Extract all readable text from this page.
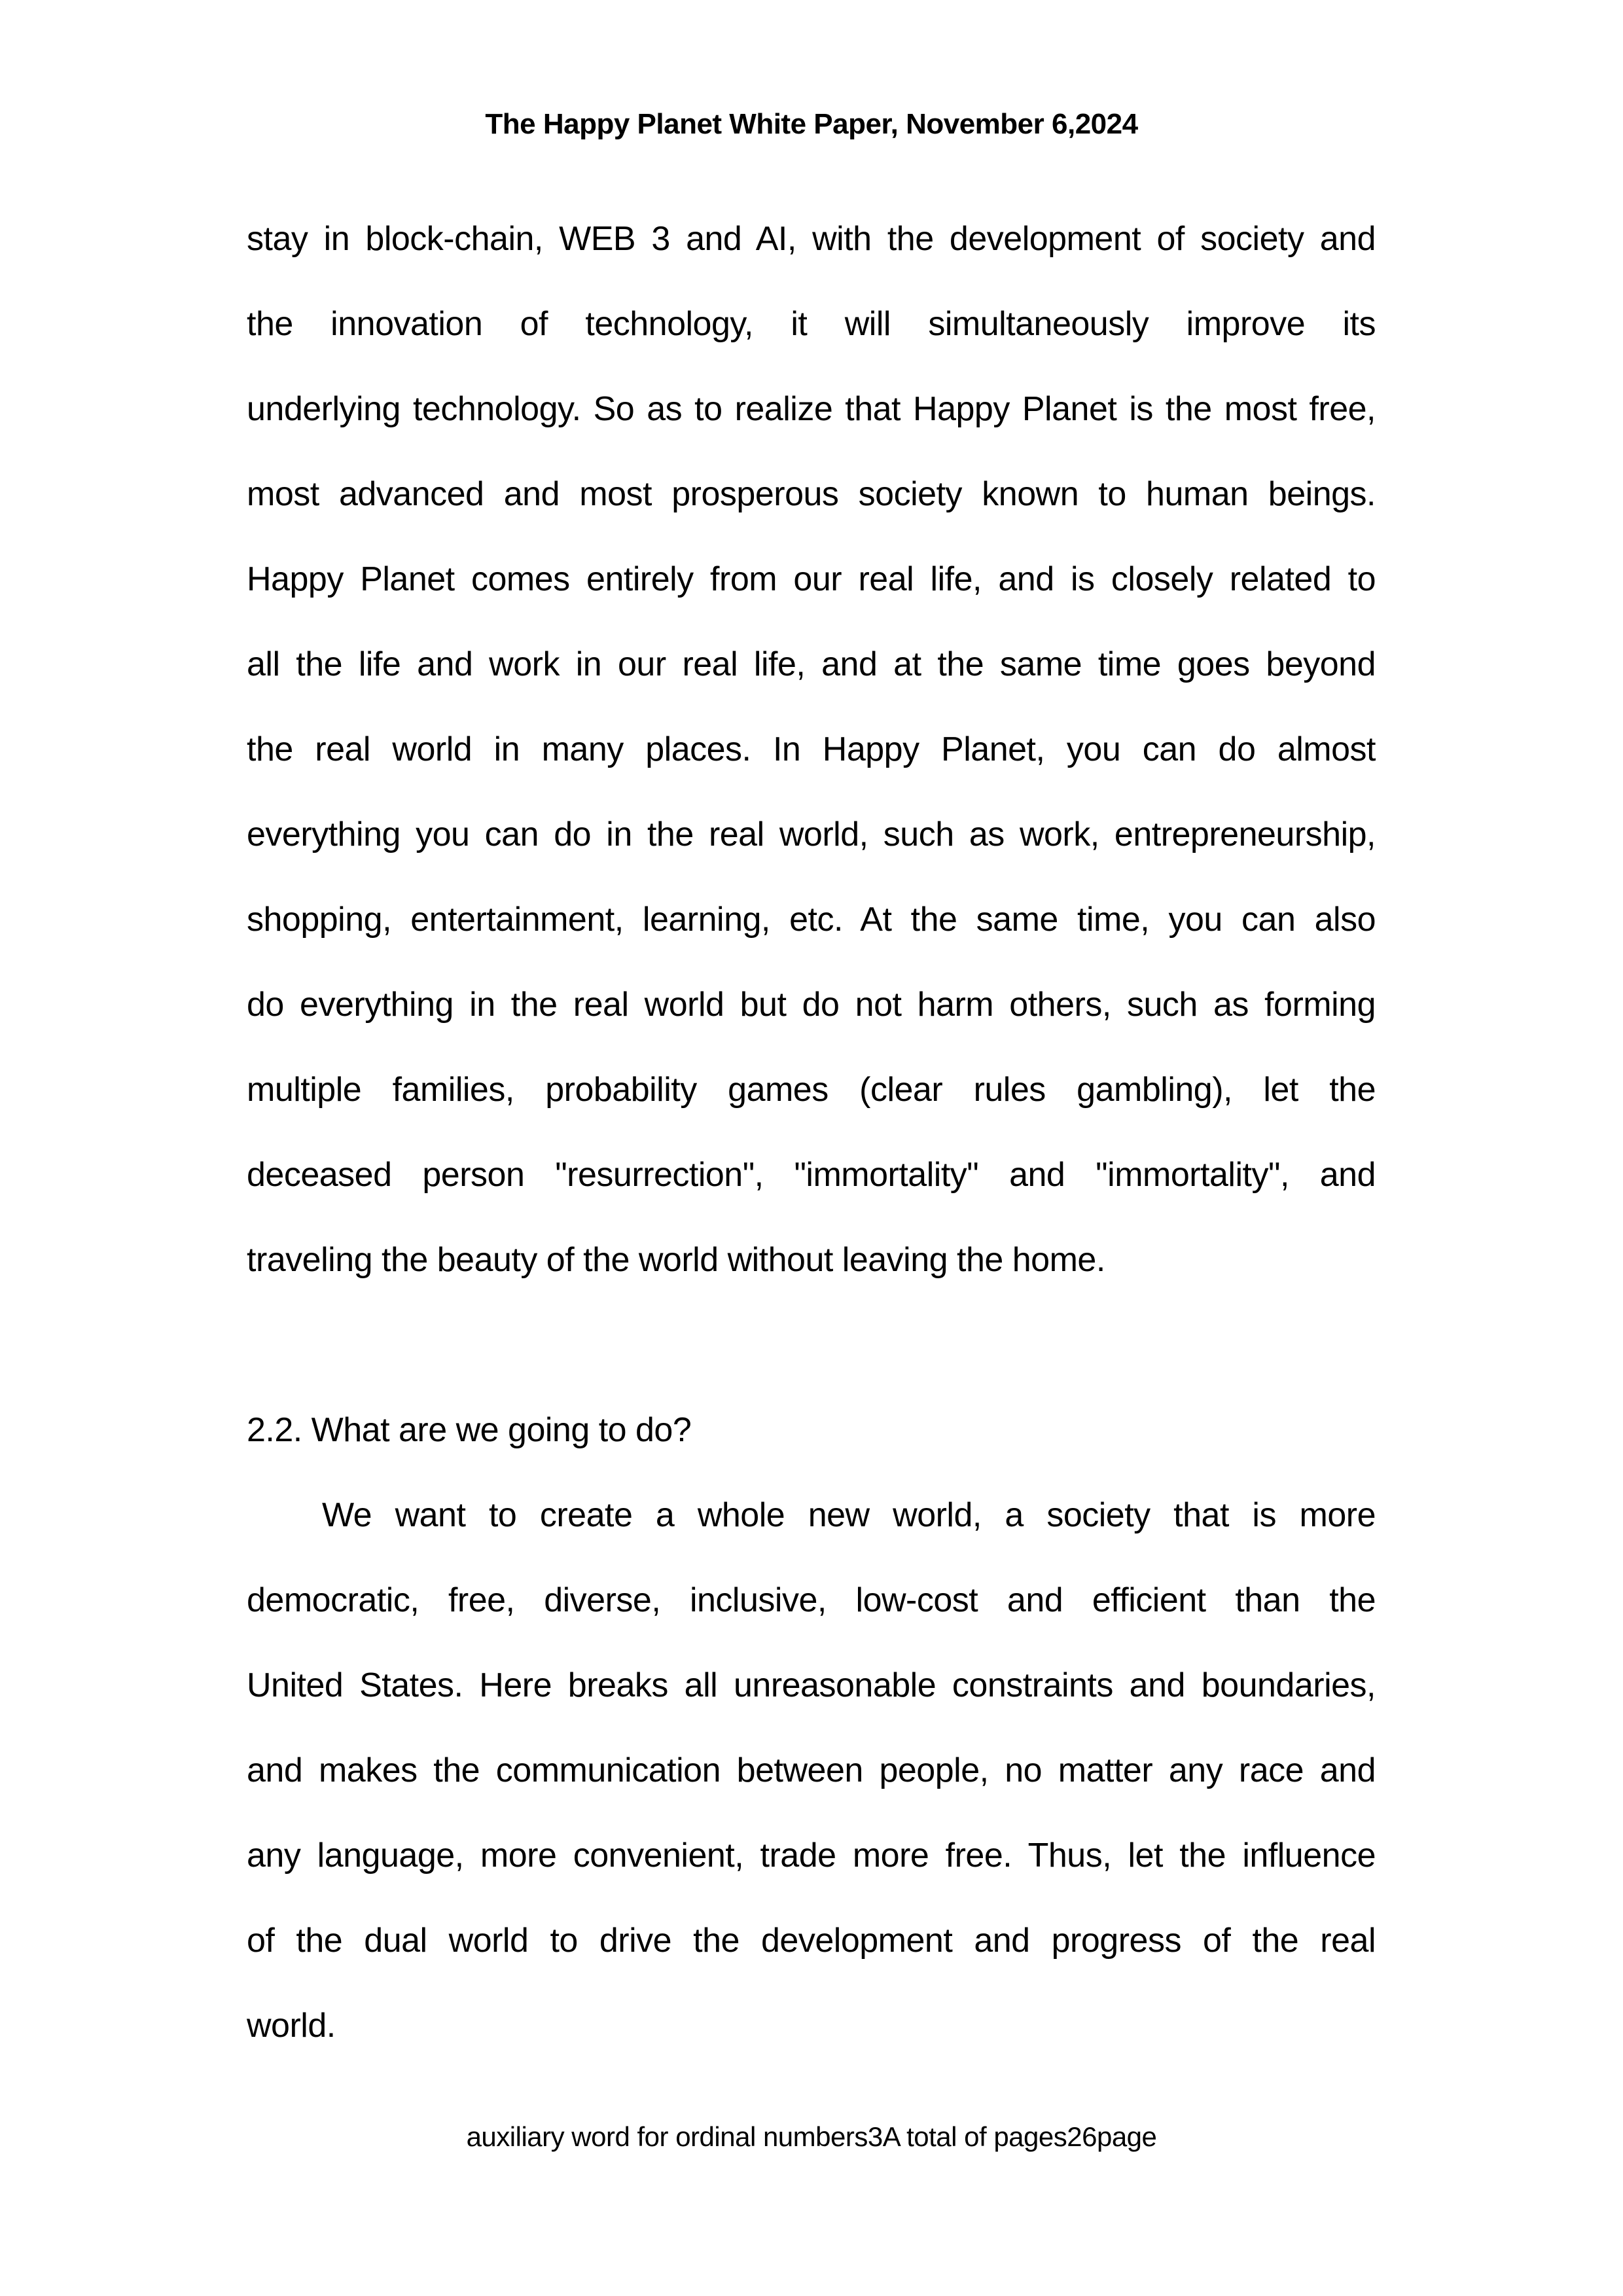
The Happy Planet White Paper, November 6,2024
stay in block-chain, WEB 3 and AI, with the development of society and
the innovation of technology, it will simultaneously improve its
underlying technology. So as to realize that Happy Planet is the most free,
most advanced and most prosperous society known to human beings.
Happy Planet comes entirely from our real life, and is closely related to
all the life and work in our real life, and at the same time goes beyond
the real world in many places. In Happy Planet, you can do almost
everything you can do in the real world, such as work, entrepreneurship,
shopping, entertainment, learning, etc. At the same time, you can also
do everything in the real world but do not harm others, such as forming
multiple families, probability games (clear rules gambling), let the
deceased person "resurrection", "immortality" and "immortality", and
traveling the beauty of the world without leaving the home.
2.2. What are we going to do?
We want to create a whole new world, a society that is more
democratic, free, diverse, inclusive, low-cost and efficient than the
United States. Here breaks all unreasonable constraints and boundaries,
and makes the communication between people, no matter any race and
any language, more convenient, trade more free. Thus, let the influence
of the dual world to drive the development and progress of the real
world.
auxiliary word for ordinal numbers3A total of pages26page
